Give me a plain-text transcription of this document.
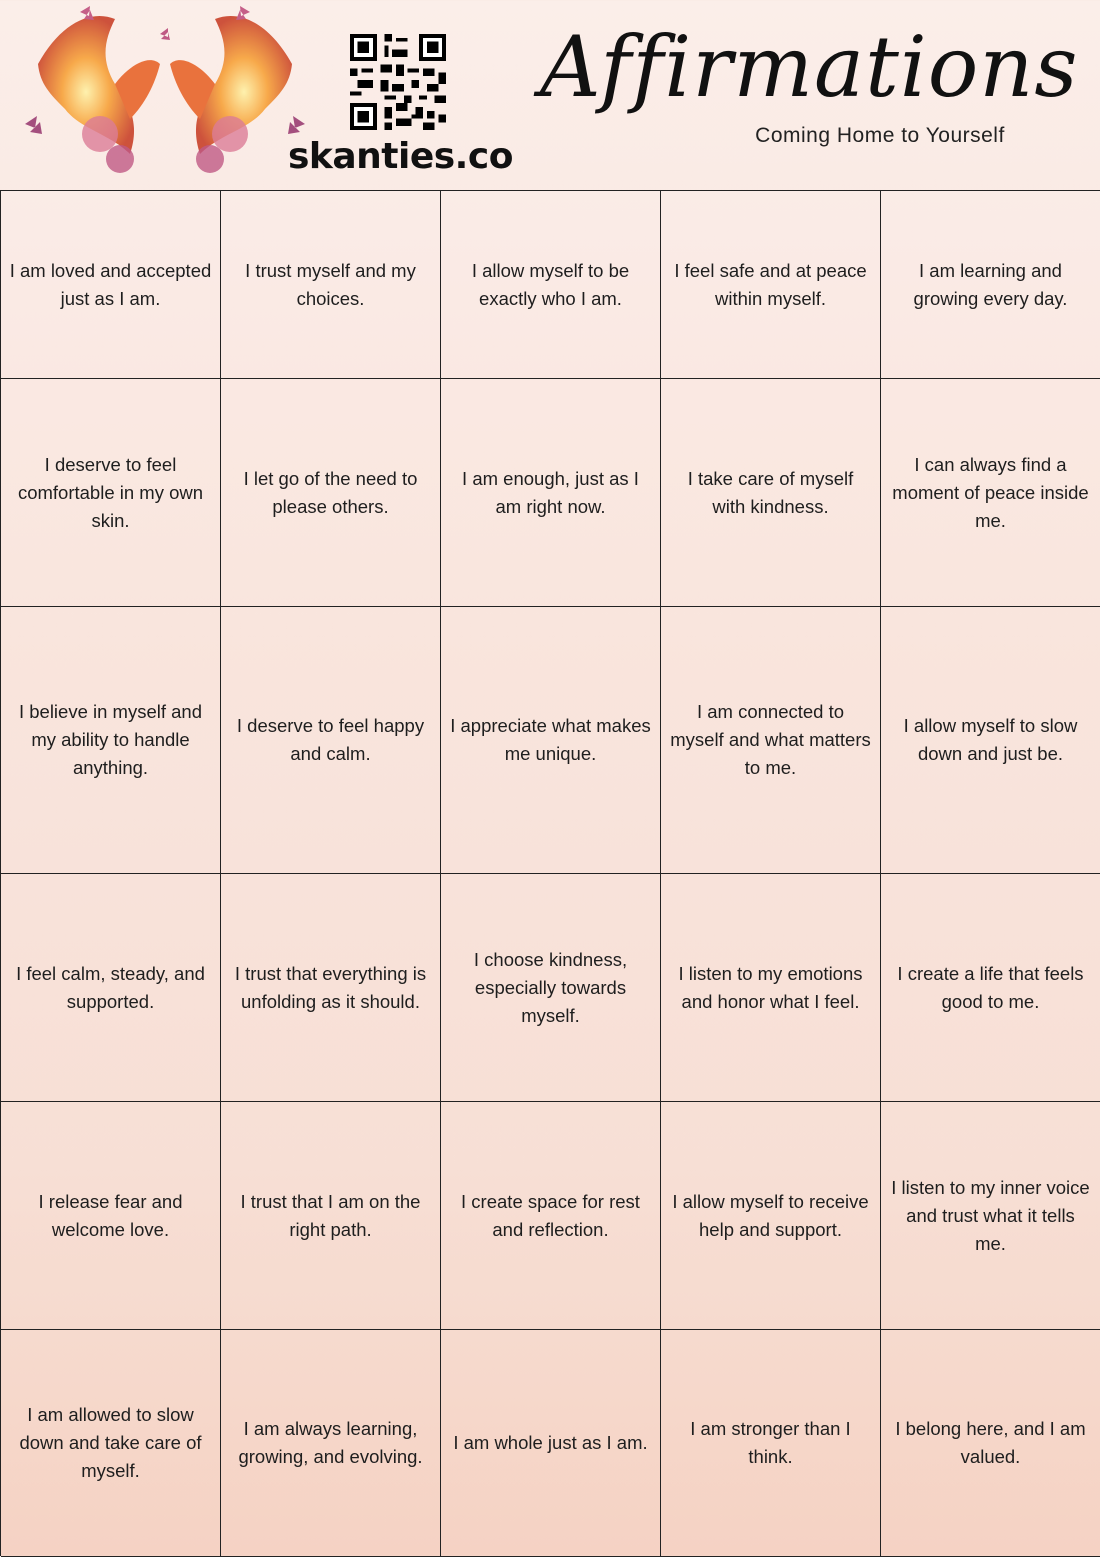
skanties.co
Affirmations
Coming Home to Yourself
I am loved and accepted just as I am.
I trust myself and my choices.
I allow myself to be exactly who I am.
I feel safe and at peace within myself.
I am learning and growing every day.
I deserve to feel comfortable in my own skin.
I let go of the need to please others.
I am enough, just as I am right now.
I take care of myself with kindness.
I can always find a moment of peace inside me.
I believe in myself and my ability to handle anything.
I deserve to feel happy and calm.
I appreciate what makes me unique.
I am connected to myself and what matters to me.
I allow myself to slow down and just be.
I feel calm, steady, and supported.
I trust that everything is unfolding as it should.
I choose kindness, especially towards myself.
I listen to my emotions and honor what I feel.
I create a life that feels good to me.
I release fear and welcome love.
I trust that I am on the right path.
I create space for rest and reflection.
I allow myself to receive help and support.
I listen to my inner voice and trust what it tells me.
I am allowed to slow down and take care of myself.
I am always learning, growing, and evolving.
I am whole just as I am.
I am stronger than I think.
I belong here, and I am valued.
